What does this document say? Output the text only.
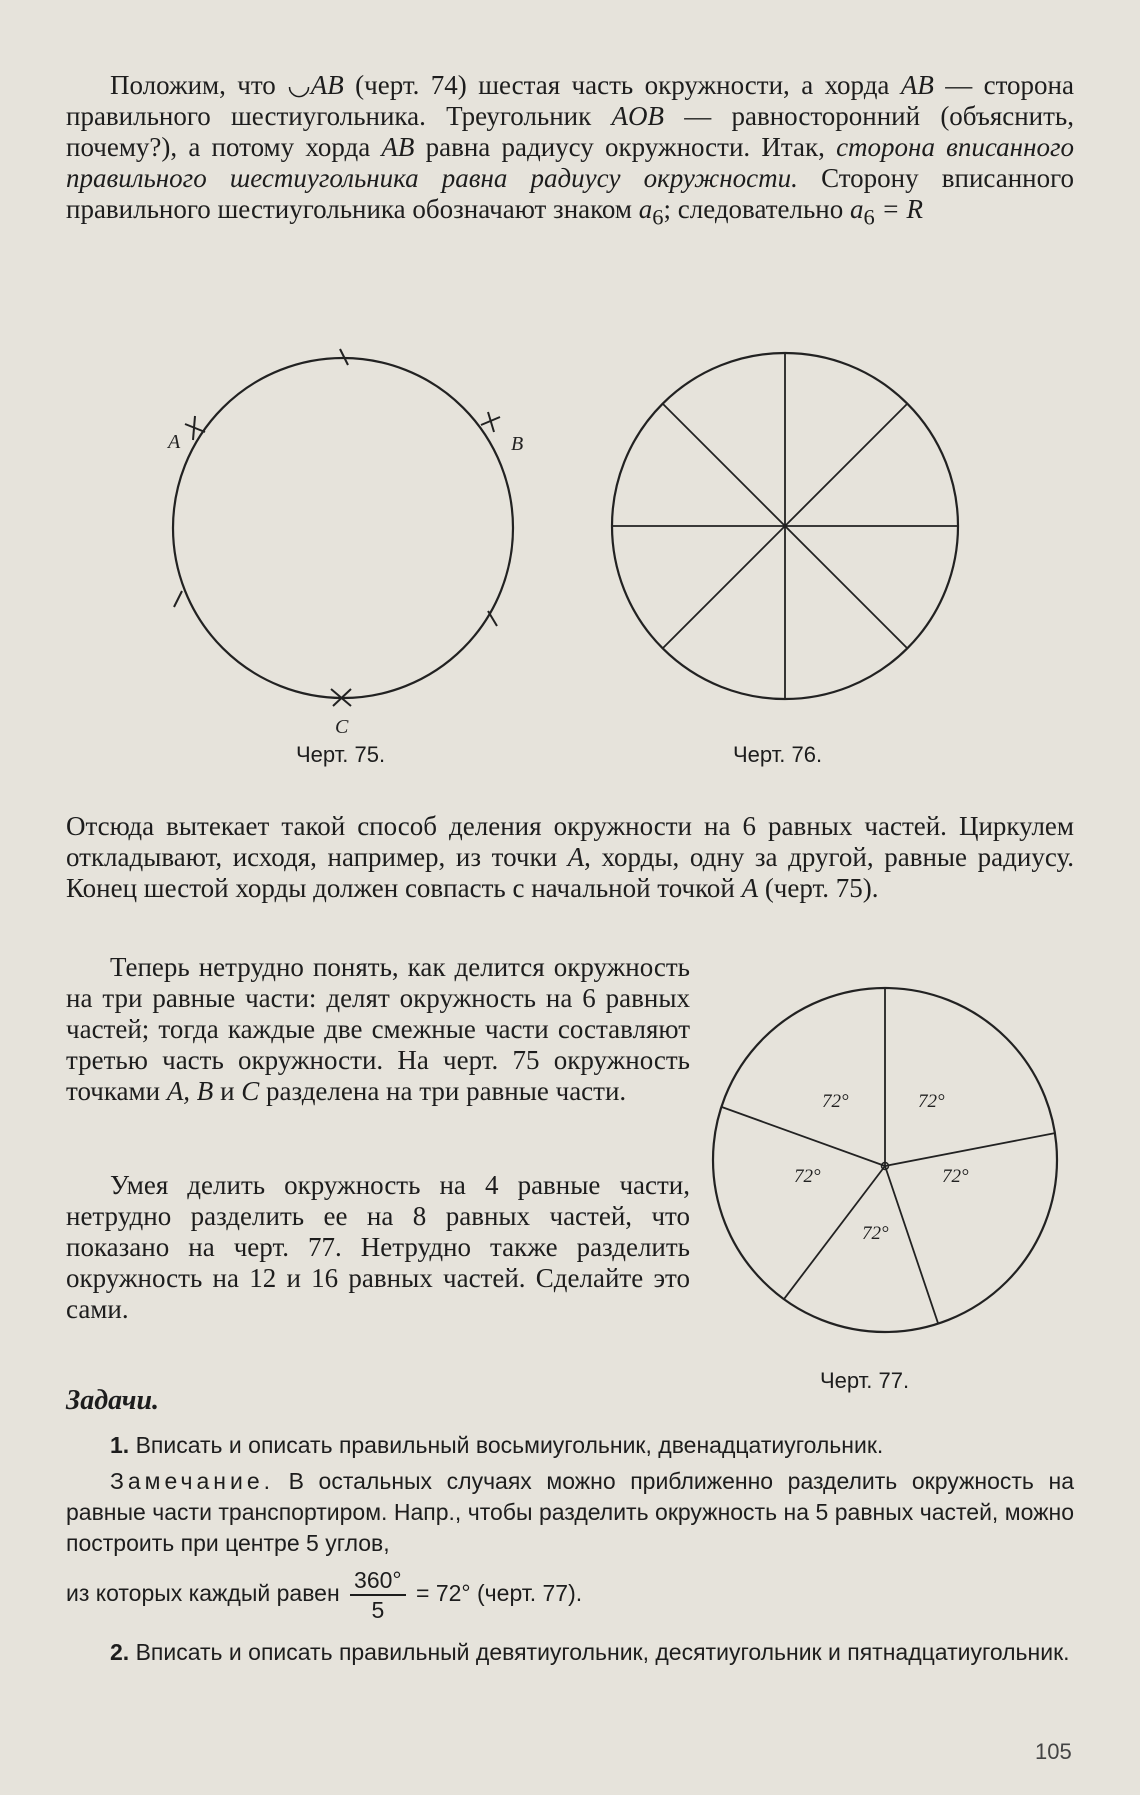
Положим, что ◡AB (черт. 74) шестая часть окружности, а хорда AB — сторона правильного шестиугольника. Треугольник AOB — равносторонний (объяснить, почему?), а потому хорда AB равна радиусу окружности. Итак, сторона вписанного правильного шестиугольника равна радиусу окружности. Сторону вписанного правильного шестиугольника обозначают знаком $a_6$; следовательно $a_6 = R$

A	B
C
Черт. 75.	Черт. 76.

Отсюда вытекает такой способ деления окружности на 6 равных частей. Циркулем откладывают, исходя, например, из точки A, хорды, одну за другой, равные радиусу. Конец шестой хорды должен совпасть с начальной точкой A (черт. 75).

Теперь нетрудно понять, как делится окружность на три равные части: делят окружность на 6 равных частей; тогда каждые две смежные части составляют третью часть окружности. На черт. 75 окружность точками A, B и C разделена на три равные части.

Умея делить окружность на 4 равные части, нетрудно разделить ее на 8 равных частей, что показано на черт. 77. Нетрудно также разделить окружность на 12 и 16 равных частей. Сделайте это сами.

72°	72°
72°
72°
72°
Черт. 77.
Задачи.

1. Вписать и описать правильный восьмиугольник, двенадцатиугольник.

Замечание. В остальных случаях можно приближенно разделить окружность на равные части транспортиром. Напр., чтобы разделить окружность на 5 равных частей, можно построить при центре 5 углов,

из которых каждый равен $\frac{360^\circ}{5} = 72^\circ$ (черт. 77).

2. Вписать и описать правильный девятиугольник, десятиугольник и пятнадцатиугольник.

105
